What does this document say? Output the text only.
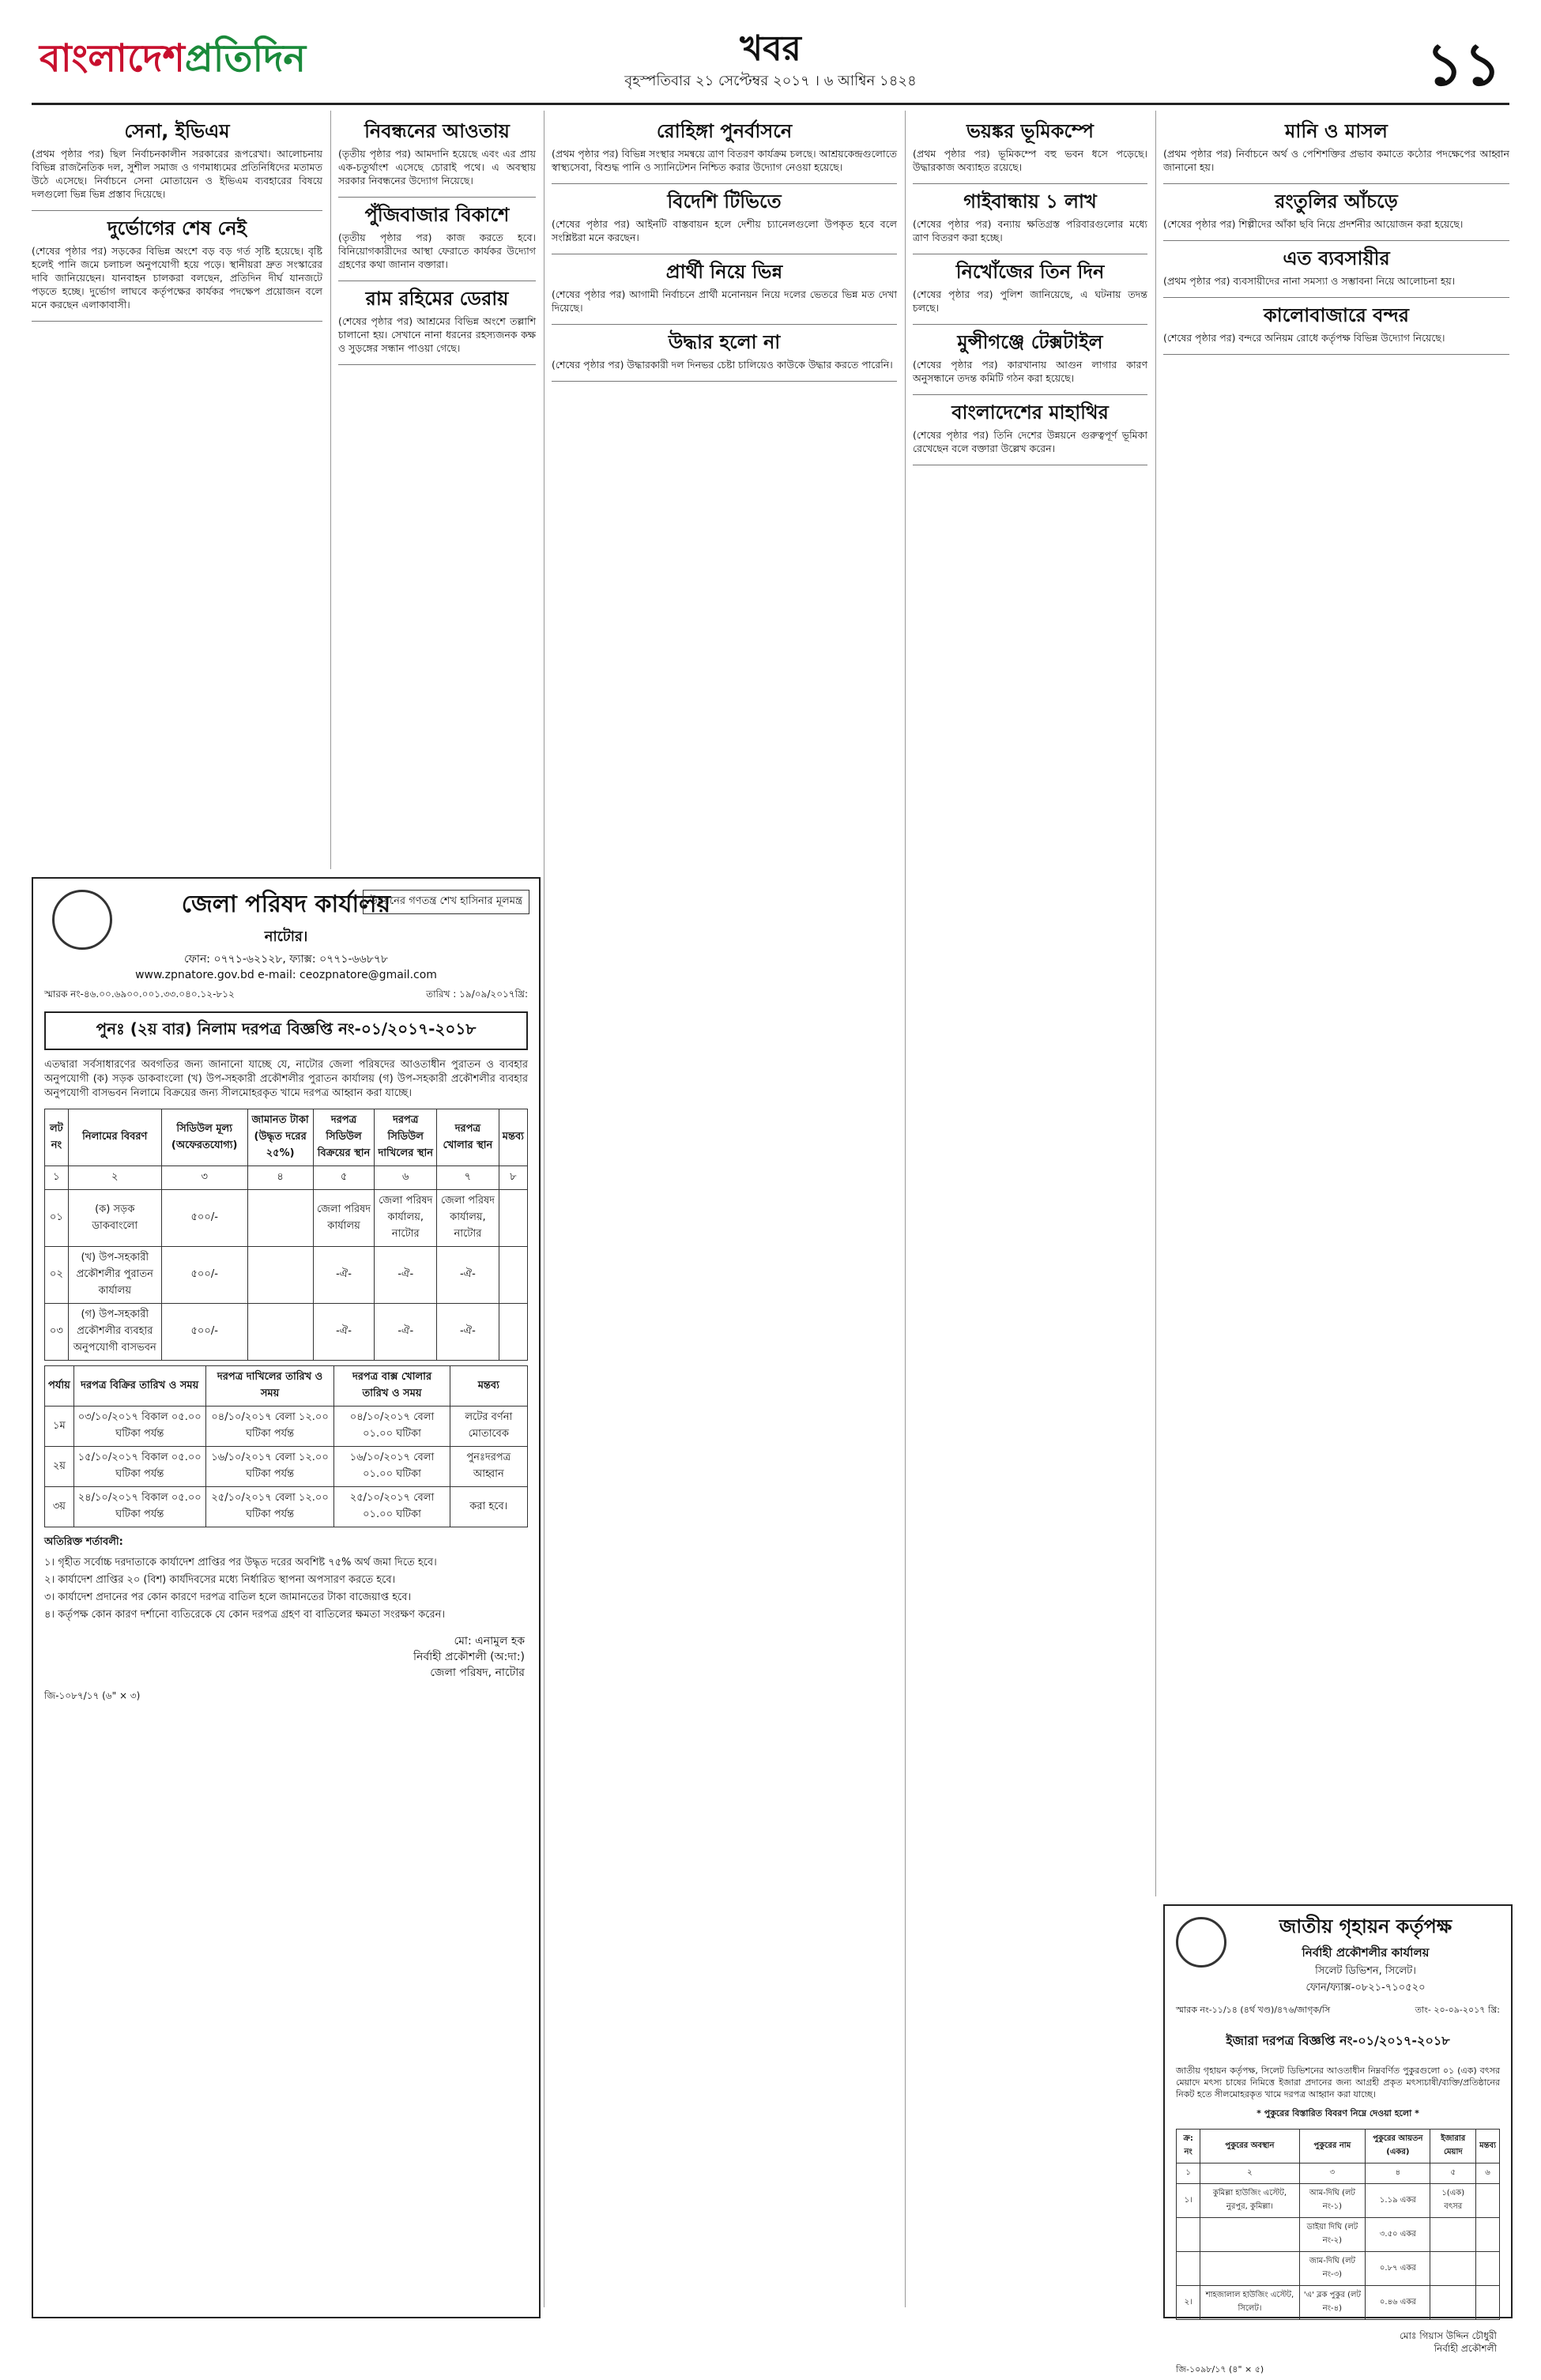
বাংলাদেশপ্রতিদিন	খবর
বৃহস্পতিবার ২১ সেপ্টেম্বর ২০১৭ । ৬ আশ্বিন ১৪২৪	১১
সেনা, ইভিএম

(প্রথম পৃষ্ঠার পর) ছিল নির্বাচনকালীন সরকারের রূপরেখা। আলোচনায় বিভিন্ন রাজনৈতিক দল, সুশীল সমাজ ও গণমাধ্যমের প্রতিনিধিদের মতামত উঠে এসেছে। নির্বাচনে সেনা মোতায়েন ও ইভিএম ব্যবহারের বিষয়ে দলগুলো ভিন্ন ভিন্ন প্রস্তাব দিয়েছে।

দুর্ভোগের শেষ নেই

(শেষের পৃষ্ঠার পর) সড়কের বিভিন্ন অংশে বড় বড় গর্ত সৃষ্টি হয়েছে। বৃষ্টি হলেই পানি জমে চলাচল অনুপযোগী হয়ে পড়ে। স্থানীয়রা দ্রুত সংস্কারের দাবি জানিয়েছেন। যানবাহন চালকরা বলছেন, প্রতিদিন দীর্ঘ যানজটে পড়তে হচ্ছে। দুর্ভোগ লাঘবে কর্তৃপক্ষের কার্যকর পদক্ষেপ প্রয়োজন বলে মনে করছেন এলাকাবাসী।

নিবন্ধনের আওতায়

(তৃতীয় পৃষ্ঠার পর) আমদানি হয়েছে এবং এর প্রায় এক-চতুর্থাংশ এসেছে চোরাই পথে। এ অবস্থায় সরকার নিবন্ধনের উদ্যোগ নিয়েছে।

পুঁজিবাজার বিকাশে

(তৃতীয় পৃষ্ঠার পর) কাজ করতে হবে। বিনিয়োগকারীদের আস্থা ফেরাতে কার্যকর উদ্যোগ গ্রহণের কথা জানান বক্তারা।

রাম রহিমের ডেরায়

(শেষের পৃষ্ঠার পর) আশ্রমের বিভিন্ন অংশে তল্লাশি চালানো হয়। সেখানে নানা ধরনের রহস্যজনক কক্ষ ও সুড়ঙ্গের সন্ধান পাওয়া গেছে।

রোহিঙ্গা পুনর্বাসনে

(প্রথম পৃষ্ঠার পর) বিভিন্ন সংস্থার সমন্বয়ে ত্রাণ বিতরণ কার্যক্রম চলছে। আশ্রয়কেন্দ্রগুলোতে স্বাস্থ্যসেবা, বিশুদ্ধ পানি ও স্যানিটেশন নিশ্চিত করার উদ্যোগ নেওয়া হয়েছে।

বিদেশি টিভিতে

(শেষের পৃষ্ঠার পর) আইনটি বাস্তবায়ন হলে দেশীয় চ্যানেলগুলো উপকৃত হবে বলে সংশ্লিষ্টরা মনে করছেন।

প্রার্থী নিয়ে ভিন্ন

(শেষের পৃষ্ঠার পর) আগামী নির্বাচনে প্রার্থী মনোনয়ন নিয়ে দলের ভেতরে ভিন্ন মত দেখা দিয়েছে।

উদ্ধার হলো না

(শেষের পৃষ্ঠার পর) উদ্ধারকারী দল দিনভর চেষ্টা চালিয়েও কাউকে উদ্ধার করতে পারেনি।

ভয়ঙ্কর ভূমিকম্পে

(প্রথম পৃষ্ঠার পর) ভূমিকম্পে বহু ভবন ধসে পড়েছে। উদ্ধারকাজ অব্যাহত রয়েছে।

গাইবান্ধায় ১ লাখ

(শেষের পৃষ্ঠার পর) বন্যায় ক্ষতিগ্রস্ত পরিবারগুলোর মধ্যে ত্রাণ বিতরণ করা হচ্ছে।

নিখোঁজের তিন দিন

(শেষের পৃষ্ঠার পর) পুলিশ জানিয়েছে, এ ঘটনায় তদন্ত চলছে।

মুন্সীগঞ্জে টেক্সটাইল

(শেষের পৃষ্ঠার পর) কারখানায় আগুন লাগার কারণ অনুসন্ধানে তদন্ত কমিটি গঠন করা হয়েছে।

বাংলাদেশের মাহাথির

(শেষের পৃষ্ঠার পর) তিনি দেশের উন্নয়নে গুরুত্বপূর্ণ ভূমিকা রেখেছেন বলে বক্তারা উল্লেখ করেন।

মানি ও মাসল

(প্রথম পৃষ্ঠার পর) নির্বাচনে অর্থ ও পেশিশক্তির প্রভাব কমাতে কঠোর পদক্ষেপের আহ্বান জানানো হয়।

রংতুলির আঁচড়ে

(শেষের পৃষ্ঠার পর) শিল্পীদের আঁকা ছবি নিয়ে প্রদর্শনীর আয়োজন করা হয়েছে।

এত ব্যবসায়ীর

(প্রথম পৃষ্ঠার পর) ব্যবসায়ীদের নানা সমস্যা ও সম্ভাবনা নিয়ে আলোচনা হয়।

কালোবাজারে বন্দর

(শেষের পৃষ্ঠার পর) বন্দরে অনিয়ম রোধে কর্তৃপক্ষ বিভিন্ন উদ্যোগ নিয়েছে।

উন্নয়নের গণতন্ত্র শেখ হাসিনার মূলমন্ত্র
জেলা পরিষদ কার্যালয়
নাটোর।
ফোন: ০৭৭১-৬২১২৮, ফ্যাক্স: ০৭৭১-৬৬৮৭৮
www.zpnatore.gov.bd e-mail: ceozpnatore@gmail.com
স্মারক নং-৪৬.০০.৬৯০০.০০১.৩৩.০৪০.১২-৮১২	তারিখ : ১৯/০৯/২০১৭খ্রি:
পুনঃ (২য় বার) নিলাম দরপত্র বিজ্ঞপ্তি নং-০১/২০১৭-২০১৮
এতদ্বারা সর্বসাধারণের অবগতির জন্য জানানো যাচ্ছে যে, নাটোর জেলা পরিষদের আওতাধীন পুরাতন ও ব্যবহার অনুপযোগী (ক) সড়ক ডাকবাংলো (খ) উপ-সহকারী প্রকৌশলীর পুরাতন কার্যালয় (গ) উপ-সহকারী প্রকৌশলীর ব্যবহার অনুপযোগী বাসভবন নিলামে বিক্রয়ের জন্য সীলমোহরকৃত খামে দরপত্র আহ্বান করা যাচ্ছে।
লট নং	নিলামের বিবরণ	সিডিউল মূল্য (অফেরতযোগ্য)	জামানত টাকা (উদ্ধৃত দরের ২৫%)	দরপত্র সিডিউল বিক্রয়ের স্থান	দরপত্র সিডিউল দাখিলের স্থান	দরপত্র খোলার স্থান	মন্তব্য
১	২	৩	৪	৫	৬	৭	৮
০১	(ক) সড়ক ডাকবাংলো	৫০০/-		জেলা পরিষদ কার্যালয়	জেলা পরিষদ কার্যালয়, নাটোর	জেলা পরিষদ কার্যালয়, নাটোর	
০২	(খ) উপ-সহকারী প্রকৌশলীর পুরাতন কার্যালয়	৫০০/-		-ঐ-	-ঐ-	-ঐ-	
০৩	(গ) উপ-সহকারী প্রকৌশলীর ব্যবহার অনুপযোগী বাসভবন	৫০০/-		-ঐ-	-ঐ-	-ঐ-	
পর্যায়	দরপত্র বিক্রির তারিখ ও সময়	দরপত্র দাখিলের তারিখ ও সময়	দরপত্র বাক্স খোলার তারিখ ও সময়	মন্তব্য
১ম	০৩/১০/২০১৭ বিকাল ০৫.০০ ঘটিকা পর্যন্ত	০৪/১০/২০১৭ বেলা ১২.০০ ঘটিকা পর্যন্ত	০৪/১০/২০১৭ বেলা ০১.০০ ঘটিকা	লটের বর্ণনা মোতাবেক
২য়	১৫/১০/২০১৭ বিকাল ০৫.০০ ঘটিকা পর্যন্ত	১৬/১০/২০১৭ বেলা ১২.০০ ঘটিকা পর্যন্ত	১৬/১০/২০১৭ বেলা ০১.০০ ঘটিকা	পুনঃদরপত্র আহ্বান
৩য়	২৪/১০/২০১৭ বিকাল ০৫.০০ ঘটিকা পর্যন্ত	২৫/১০/২০১৭ বেলা ১২.০০ ঘটিকা পর্যন্ত	২৫/১০/২০১৭ বেলা ০১.০০ ঘটিকা	করা হবে।
অতিরিক্ত শর্তাবলী:
১। গৃহীত সর্বোচ্চ দরদাতাকে কার্যাদেশ প্রাপ্তির পর উদ্ধৃত দরের অবশিষ্ট ৭৫% অর্থ জমা দিতে হবে।
২। কার্যাদেশ প্রাপ্তির ২০ (বিশ) কার্যদিবসের মধ্যে নির্ধারিত স্থাপনা অপসারণ করতে হবে।
৩। কার্যাদেশ প্রদানের পর কোন কারণে দরপত্র বাতিল হলে জামানতের টাকা বাজেয়াপ্ত হবে।
৪। কর্তৃপক্ষ কোন কারণ দর্শানো ব্যতিরেকে যে কোন দরপত্র গ্রহণ বা বাতিলের ক্ষমতা সংরক্ষণ করেন।
মো: এনামুল হক
নির্বাহী প্রকৌশলী (অ:দা:)
জেলা পরিষদ, নাটোর
জি-১০৮৭/১৭ (৬" × ৩)
জাতীয় গৃহায়ন কর্তৃপক্ষ
নির্বাহী প্রকৌশলীর কার্যালয়
সিলেট ডিভিশন, সিলেট।
ফোন/ফ্যাক্স-০৮২১-৭১০৫২০
স্মারক নং-১১/১৪ (৪র্থ খণ্ড)/৪৭৬/জাগৃক/সি	তাং- ২০-০৯-২০১৭ খ্রি:
ইজারা দরপত্র বিজ্ঞপ্তি নং-০১/২০১৭-২০১৮
জাতীয় গৃহায়ন কর্তৃপক্ষ, সিলেট ডিভিশনের আওতাধীন নিম্নবর্ণিত পুকুরগুলো ০১ (এক) বৎসর মেয়াদে মৎস্য চাষের নিমিত্তে ইজারা প্রদানের জন্য আগ্রহী প্রকৃত মৎস্যচাষী/ব্যক্তি/প্রতিষ্ঠানের নিকট হতে সীলমোহরকৃত খামে দরপত্র আহ্বান করা যাচ্ছে।
* পুকুরের বিস্তারিত বিবরণ নিম্নে দেওয়া হলো *
ক্র: নং	পুকুরের অবস্থান	পুকুরের নাম	পুকুরের আয়তন (একর)	ইজারার মেয়াদ	মন্তব্য
১	২	৩	৪	৫	৬
১।	কুমিল্লা হাউজিং এস্টেট, নুরপুর, কুমিল্লা।	আম-দিঘি (লট নং-১)	১.১৯ একর	১(এক) বৎসর	
		ডাইয়া দিঘি (লট নং-২)	৩.৫০ একর		
		জাম-দিঘি (লট নং-৩)	০.৮৭ একর		
২।	শাহজালাল হাউজিং এস্টেট, সিলেট।	'এ' ব্লক পুকুর (লট নং-৪)	০.৪৬ একর		
মোঃ গিয়াস উদ্দিন চৌধুরী
নির্বাহী প্রকৌশলী
জি-১০৯৮/১৭ (৪" × ৫)
